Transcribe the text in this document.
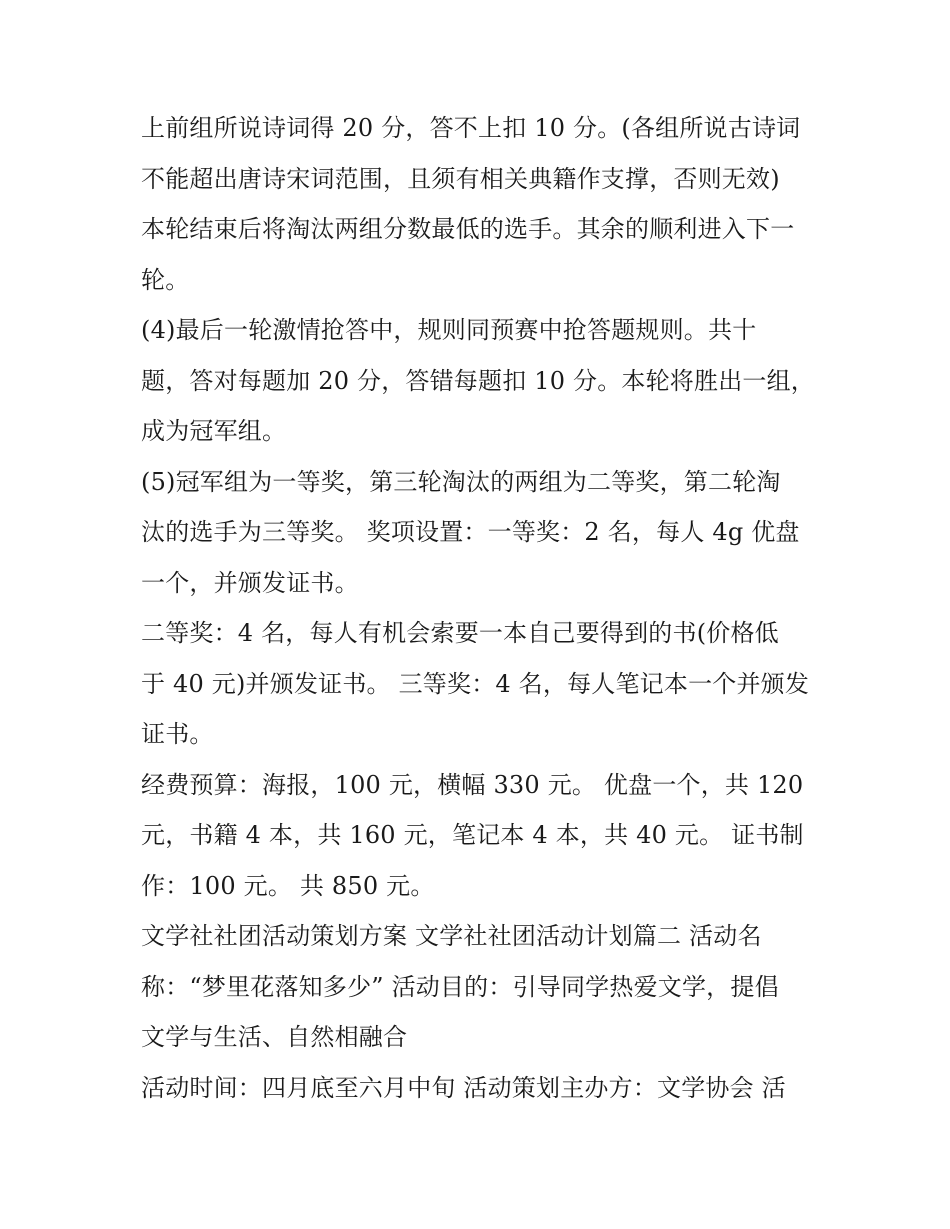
上前组所说诗词得 20 分，答不上扣 10 分。(各组所说古诗词
不能超出唐诗宋词范围，且须有相关典籍作支撑，否则无效)
本轮结束后将淘汰两组分数最低的选手。其余的顺利进入下一
轮。
(4)最后一轮激情抢答中，规则同预赛中抢答题规则。共十
题，答对每题加 20 分，答错每题扣 10 分。本轮将胜出一组，
成为冠军组。
(5)冠军组为一等奖，第三轮淘汰的两组为二等奖，第二轮淘
汰的选手为三等奖。 奖项设置：一等奖：2 名，每人 4g 优盘
一个，并颁发证书。
二等奖：4 名，每人有机会索要一本自己要得到的书(价格低
于 40 元)并颁发证书。 三等奖：4 名，每人笔记本一个并颁发
证书。
经费预算：海报，100 元，横幅 330 元。 优盘一个，共 120
元，书籍 4 本，共 160 元，笔记本 4 本，共 40 元。 证书制
作：100 元。 共 850 元。
文学社社团活动策划方案 文学社社团活动计划篇二 活动名
称：“梦里花落知多少” 活动目的：引导同学热爱文学，提倡
文学与生活、自然相融合
活动时间：四月底至六月中旬 活动策划主办方：文学协会 活
